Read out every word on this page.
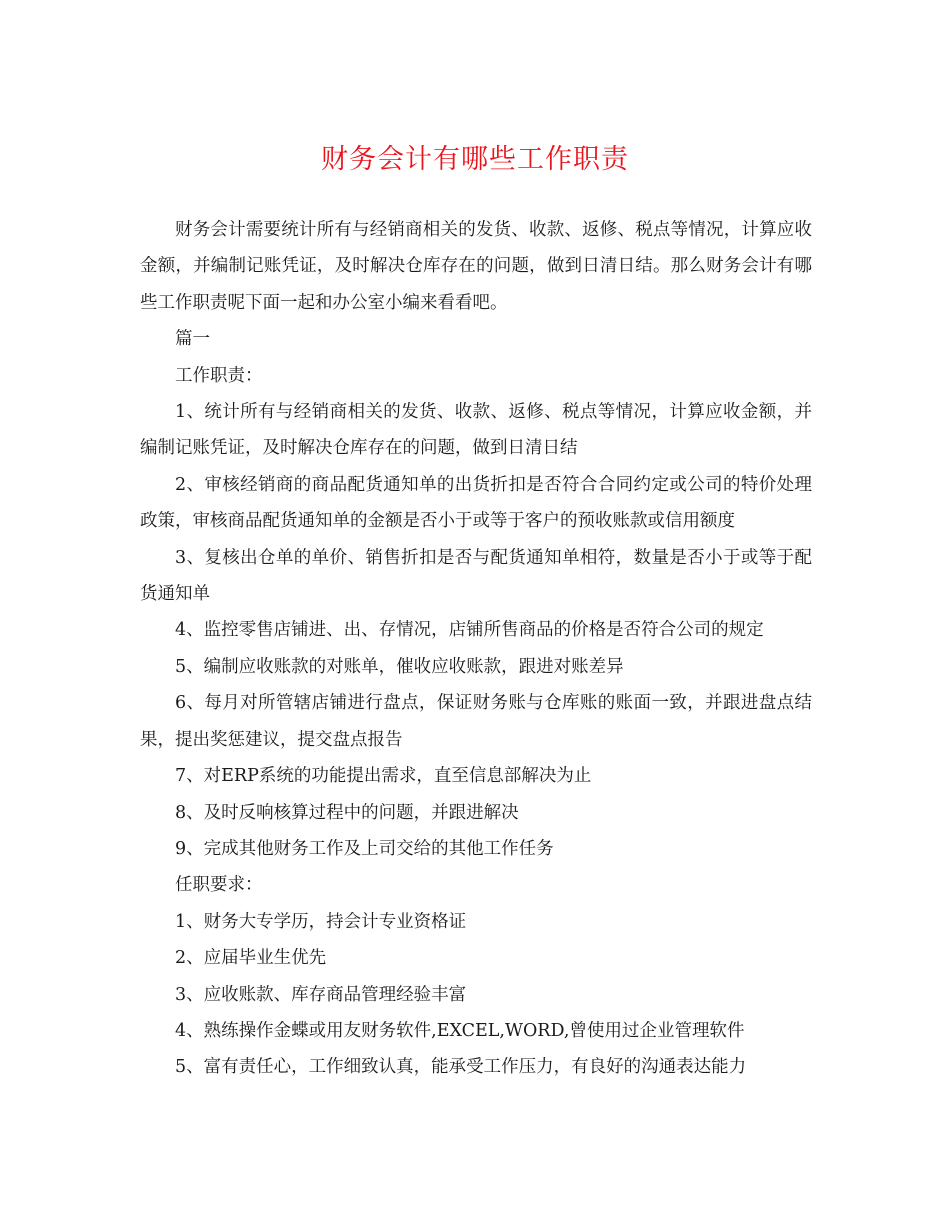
财务会计有哪些工作职责

财务会计需要统计所有与经销商相关的发货、收款、返修、税点等情况，计算应收金额，并编制记账凭证，及时解决仓库存在的问题，做到日清日结。那么财务会计有哪些工作职责呢下面一起和办公室小编来看看吧。

篇一

工作职责：

1、统计所有与经销商相关的发货、收款、返修、税点等情况，计算应收金额，并编制记账凭证，及时解决仓库存在的问题，做到日清日结

2、审核经销商的商品配货通知单的出货折扣是否符合合同约定或公司的特价处理政策，审核商品配货通知单的金额是否小于或等于客户的预收账款或信用额度

3、复核出仓单的单价、销售折扣是否与配货通知单相符，数量是否小于或等于配货通知单

4、监控零售店铺进、出、存情况，店铺所售商品的价格是否符合公司的规定

5、编制应收账款的对账单，催收应收账款，跟进对账差异

6、每月对所管辖店铺进行盘点，保证财务账与仓库账的账面一致，并跟进盘点结果，提出奖惩建议，提交盘点报告

7、对ERP系统的功能提出需求，直至信息部解决为止

8、及时反响核算过程中的问题，并跟进解决

9、完成其他财务工作及上司交给的其他工作任务

任职要求：

1、财务大专学历，持会计专业资格证

2、应届毕业生优先

3、应收账款、库存商品管理经验丰富

4、熟练操作金蝶或用友财务软件,EXCEL,WORD,曾使用过企业管理软件

5、富有责任心，工作细致认真，能承受工作压力，有良好的沟通表达能力
